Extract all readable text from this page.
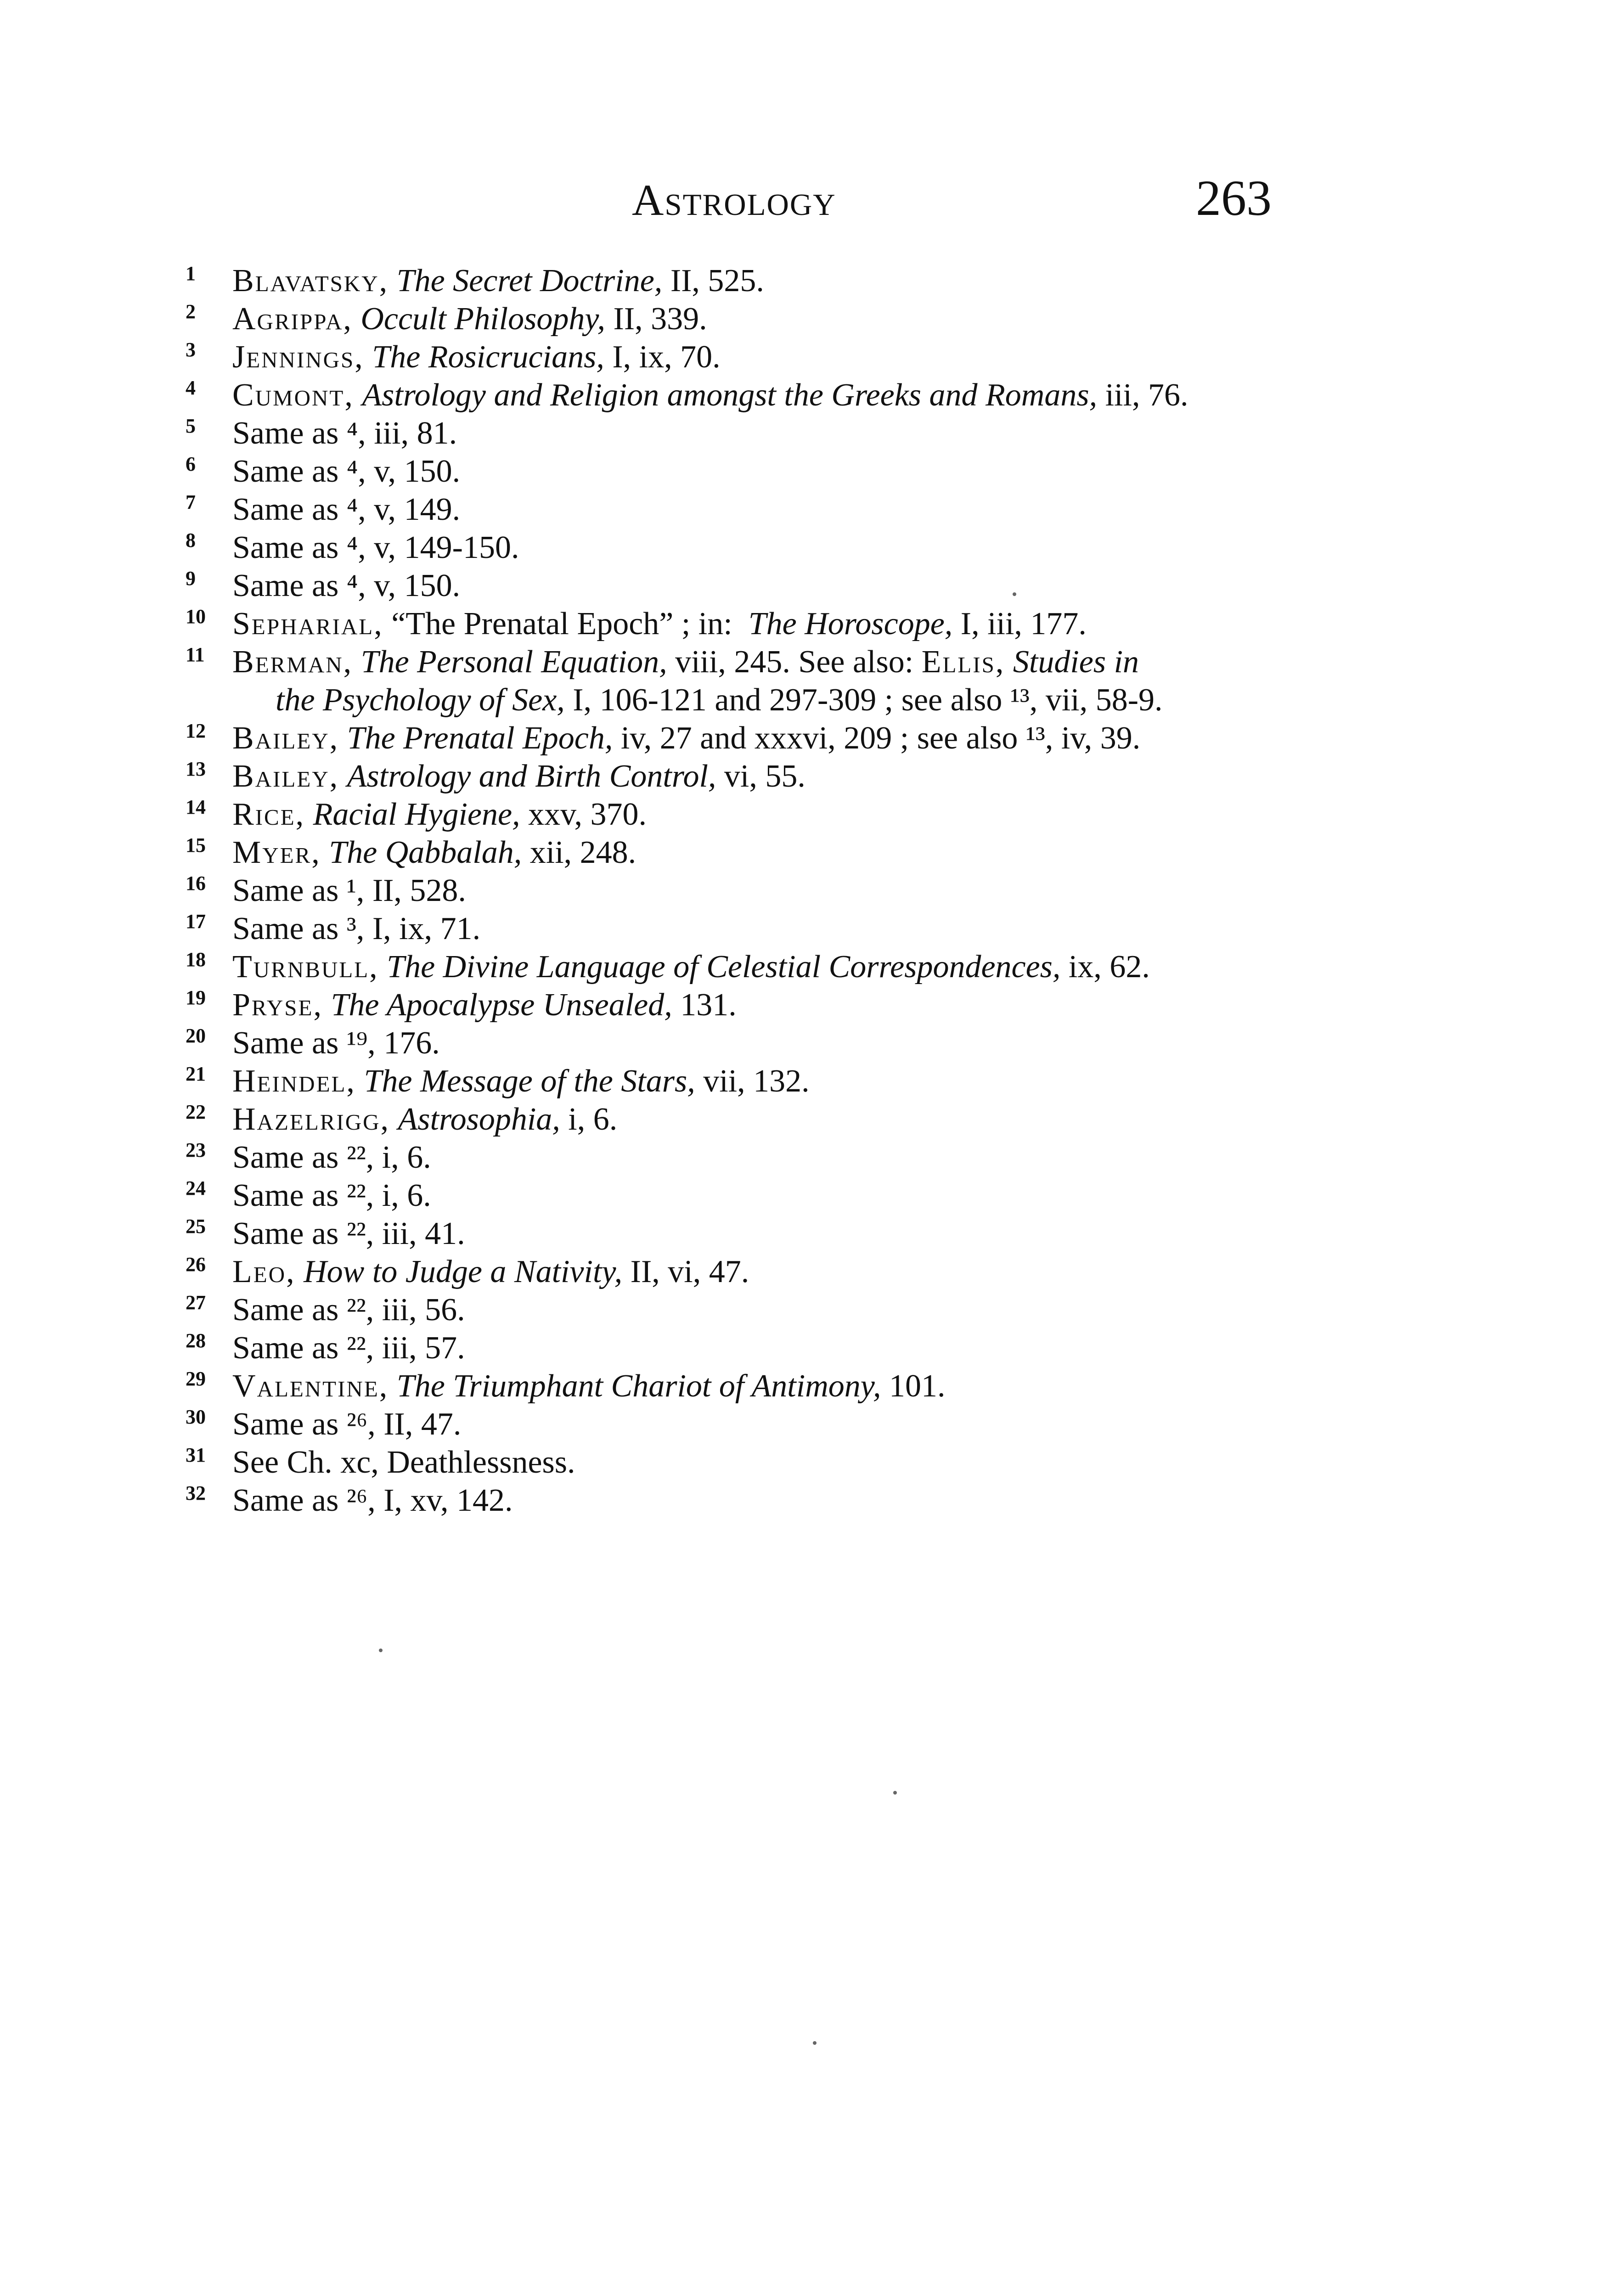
Astrology	263
1 Blavatsky, The Secret Doctrine, II, 525.
2 Agrippa, Occult Philosophy, II, 339.
3 Jennings, The Rosicrucians, I, ix, 70.
4 Cumont, Astrology and Religion amongst the Greeks and Romans, iii, 76.
5 Same as ⁴, iii, 81.
6 Same as ⁴, v, 150.
7 Same as ⁴, v, 149.
8 Same as ⁴, v, 149-150.
9 Same as ⁴, v, 150.
10 Sepharial, “The Prenatal Epoch” ; in:  The Horoscope, I, iii, 177.
11 Berman, The Personal Equation, viii, 245. See also: Ellis, Studies in
the Psychology of Sex, I, 106-121 and 297-309 ; see also ¹³, vii, 58-9.
12 Bailey, The Prenatal Epoch, iv, 27 and xxxvi, 209 ; see also ¹³, iv, 39.
13 Bailey, Astrology and Birth Control, vi, 55.
14 Rice, Racial Hygiene, xxv, 370.
15 Myer, The Qabbalah, xii, 248.
16 Same as ¹, II, 528.
17 Same as ³, I, ix, 71.
18 Turnbull, The Divine Language of Celestial Correspondences, ix, 62.
19 Pryse, The Apocalypse Unsealed, 131.
20 Same as ¹⁹, 176.
21 Heindel, The Message of the Stars, vii, 132.
22 Hazelrigg, Astrosophia, i, 6.
23 Same as ²², i, 6.
24 Same as ²², i, 6.
25 Same as ²², iii, 41.
26 Leo, How to Judge a Nativity, II, vi, 47.
27 Same as ²², iii, 56.
28 Same as ²², iii, 57.
29 Valentine, The Triumphant Chariot of Antimony, 101.
30 Same as ²⁶, II, 47.
31 See Ch. xc, Deathlessness.
32 Same as ²⁶, I, xv, 142.
